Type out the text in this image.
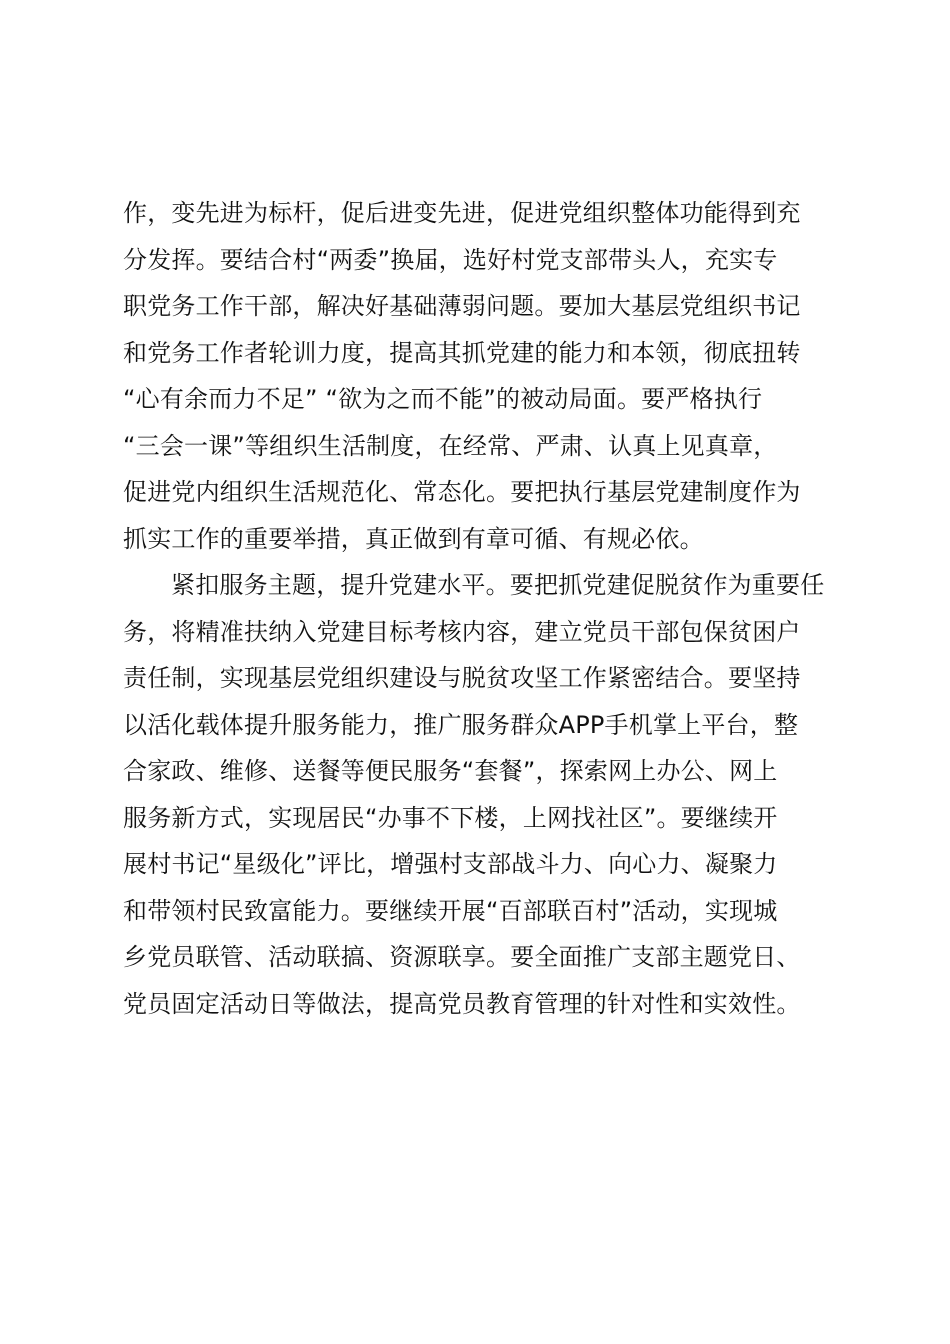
作，变先进为标杆，促后进变先进，促进党组织整体功能得到充
分发挥。要结合村“两委”换届，选好村党支部带头人，充实专
职党务工作干部，解决好基础薄弱问题。要加大基层党组织书记
和党务工作者轮训力度，提高其抓党建的能力和本领，彻底扭转
“心有余而力不足” “欲为之而不能”的被动局面。要严格执行
“三会一课”等组织生活制度，在经常、严肃、认真上见真章，
促进党内组织生活规范化、常态化。要把执行基层党建制度作为
抓实工作的重要举措，真正做到有章可循、有规必依。
紧扣服务主题，提升党建水平。要把抓党建促脱贫作为重要任
务，将精准扶纳入党建目标考核内容，建立党员干部包保贫困户
责任制，实现基层党组织建设与脱贫攻坚工作紧密结合。要坚持
以活化载体提升服务能力，推广服务群众APP手机掌上平台，整
合家政、维修、送餐等便民服务“套餐”，探索网上办公、网上
服务新方式，实现居民“办事不下楼，上网找社区”。要继续开
展村书记“星级化”评比，增强村支部战斗力、向心力、凝聚力
和带领村民致富能力。要继续开展“百部联百村”活动，实现城
乡党员联管、活动联搞、资源联享。要全面推广支部主题党日、
党员固定活动日等做法，提高党员教育管理的针对性和实效性。
